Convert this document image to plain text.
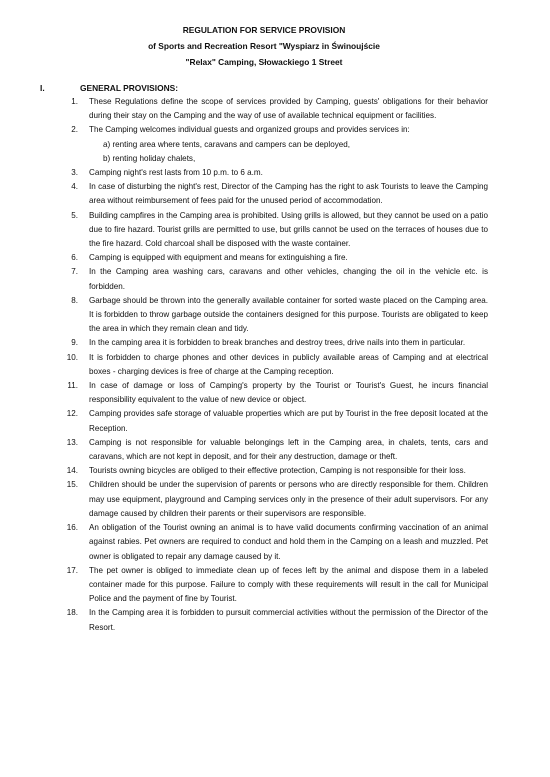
REGULATION FOR SERVICE PROVISION
of Sports and Recreation Resort "Wyspiarz in Świnoujście
"Relax" Camping, Słowackiego 1 Street
I.	GENERAL PROVISIONS:
1.	These Regulations define the scope of services provided by Camping, guests' obligations for their behavior during their stay on the Camping and the way of use of available technical equipment or facilities.
2.	The Camping welcomes individual guests and organized groups and provides services in:
a) renting area where tents, caravans and campers can be deployed,
b) renting holiday chalets,
3.	Camping night's rest lasts from 10 p.m. to 6 a.m.
4.	In case of disturbing the night's rest, Director of the Camping has the right to ask Tourists to leave the Camping area without reimbursement of fees paid for the unused period of accommodation.
5.	Building campfires in the Camping area is prohibited. Using grills is allowed, but they cannot be used on a patio due to fire hazard. Tourist grills are permitted to use, but grills cannot be used on the terraces of houses due to the fire hazard. Cold charcoal shall be disposed with the waste container.
6.	Camping is equipped with equipment and means for extinguishing a fire.
7.	In the Camping area washing cars, caravans and other vehicles, changing the oil in the vehicle etc. is forbidden.
8.	Garbage should be thrown into the generally available container for sorted waste placed on the Camping area. It is forbidden to throw garbage outside the containers designed for this purpose. Tourists are obligated to keep the area in which they remain clean and tidy.
9.	In the camping area it is forbidden to break branches and destroy trees, drive nails into them in particular.
10.	It is forbidden to charge phones and other devices in publicly available areas of Camping and at electrical boxes - charging devices is free of charge at the Camping reception.
11.	In case of damage or loss of Camping's property by the Tourist or Tourist's Guest, he incurs financial responsibility equivalent to the value of new device or object.
12.	Camping provides safe storage of valuable properties which are put by Tourist in the free deposit located at the Reception.
13.	Camping is not responsible for valuable belongings left in the Camping area, in chalets, tents, cars and caravans, which are not kept in deposit, and for their any destruction, damage or theft.
14.	Tourists owning bicycles are obliged to their effective protection, Camping is not responsible for their loss.
15.	Children should be under the supervision of parents or persons who are directly responsible for them. Children may use equipment, playground and Camping services only in the presence of their adult supervisors. For any damage caused by children their parents or their supervisors are responsible.
16.	An obligation of the Tourist owning an animal is to have valid documents confirming vaccination of an animal against rabies. Pet owners are required to conduct and hold them in the Camping on a leash and muzzled. Pet owner is obligated to repair any damage caused by it.
17.	The pet owner is obliged to immediate clean up of feces left by the animal and dispose them in a labeled container made for this purpose. Failure to comply with these requirements will result in the call for Municipal Police and the payment of fine by Tourist.
18.	In the Camping area it is forbidden to pursuit commercial activities without the permission of the Director of the Resort.
